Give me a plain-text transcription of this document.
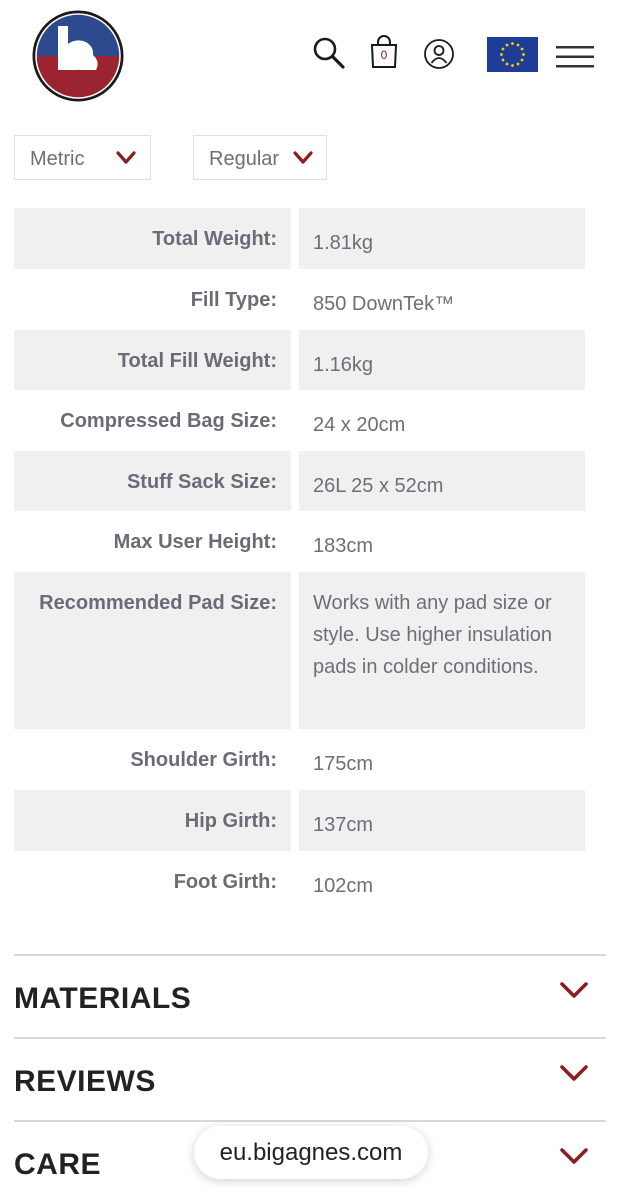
0
Metric	Regular
Total Weight:	1.81kg
Fill Type:	850 DownTek™
Total Fill Weight:	1.16kg
Compressed Bag Size:	24 x 20cm
Stuff Sack Size:	26L 25 x 52cm
Max User Height:	183cm
Recommended Pad Size:	Works with any pad size or style. Use higher insulation pads in colder conditions.
Shoulder Girth:	175cm
Hip Girth:	137cm
Foot Girth:	102cm
MATERIALS
REVIEWS
CARE	eu.bigagnes.com
